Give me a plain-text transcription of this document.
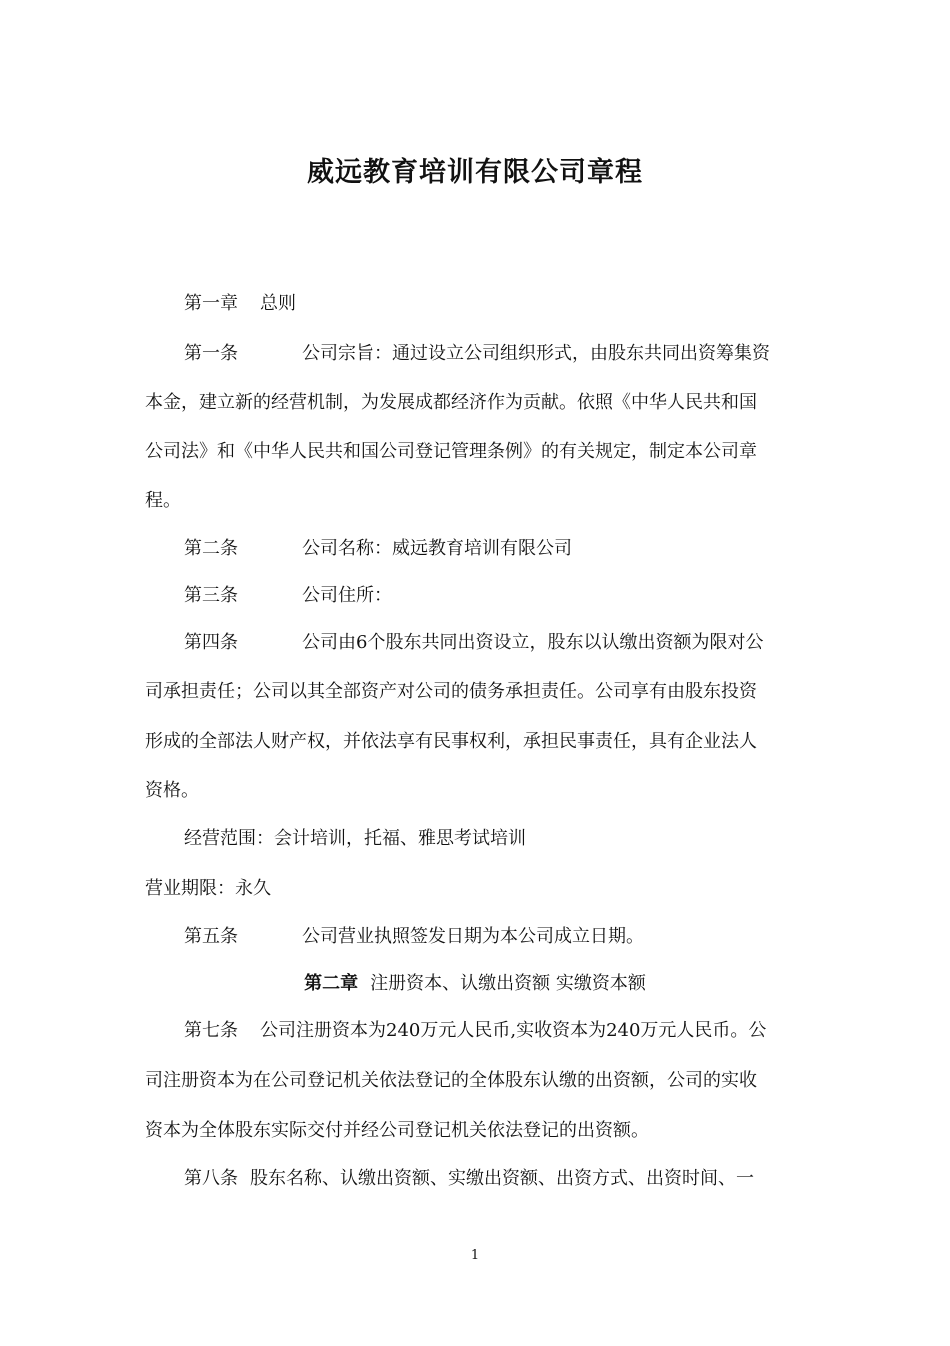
威远教育培训有限公司章程
第一章 总则
第一条	公司宗旨：通过设立公司组织形式，由股东共同出资筹集资
本金，建立新的经营机制，为发展成都经济作为贡献。依照《中华人民共和国
公司法》和《中华人民共和国公司登记管理条例》的有关规定，制定本公司章
程。
第二条	公司名称：威远教育培训有限公司
第三条	公司住所：
第四条	公司由6个股东共同出资设立，股东以认缴出资额为限对公
司承担责任；公司以其全部资产对公司的债务承担责任。公司享有由股东投资
形成的全部法人财产权，并依法享有民事权利，承担民事责任，具有企业法人
资格。
经营范围：会计培训，托福、雅思考试培训
营业期限：永久
第五条	公司营业执照签发日期为本公司成立日期。
第二章 注册资本、认缴出资额 实缴资本额
第七条 公司注册资本为240万元人民币,实收资本为240万元人民币。公
司注册资本为在公司登记机关依法登记的全体股东认缴的出资额，公司的实收
资本为全体股东实际交付并经公司登记机关依法登记的出资额。
第八条 股东名称、认缴出资额、实缴出资额、出资方式、出资时间、一
1
